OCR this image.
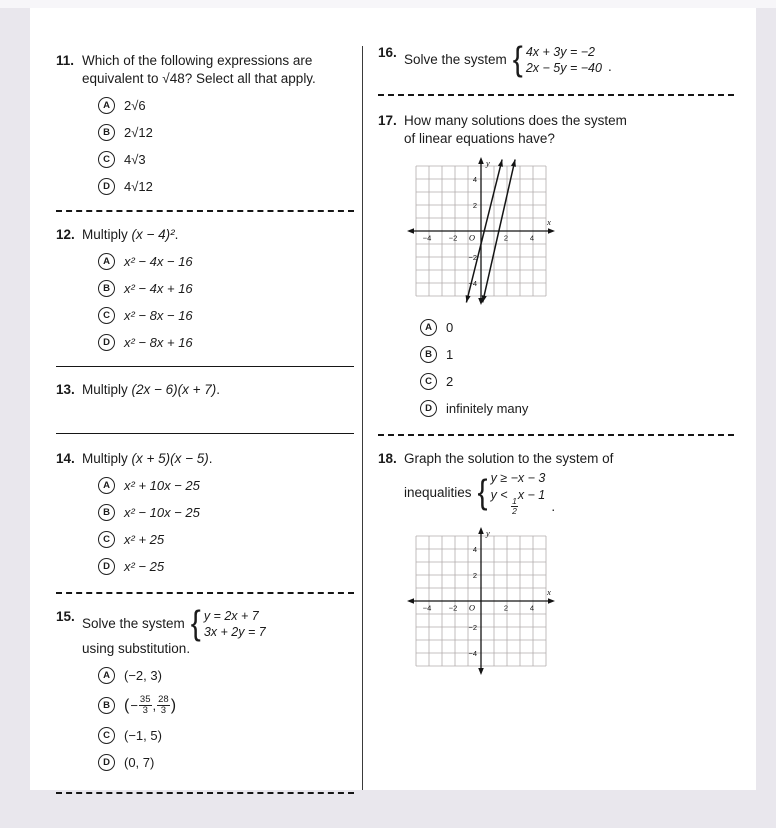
11. Which of the following expressions are equivalent to √48? Select all that apply.
A	2√6
B	2√12
C	4√3
D	4√12
12. Multiply (x − 4)².
A	x² − 4x − 16
B	x² − 4x + 16
C	x² − 8x − 16
D	x² − 8x + 16
13. Multiply (2x − 6)(x + 7).
14. Multiply (x + 5)(x − 5).
A	x² + 10x − 25
B	x² − 10x − 25
C	x² + 25
D	x² − 25
15. Solve the system { y = 2x + 7
3x + 2y = 7
using substitution.
A	(−2, 3)
B ( − $\frac{35}{3}$ , 28
3 )
C	(−1, 5)
D	(0, 7)
16. Solve the system { 4x + 3y = −2
2x − 5y = −40 .
17. How many solutions does the system of linear equations have?
−4 −2	2	4
4
2
−2
−4
O
x
y
A	0
B	1
C	2
D	infinitely many
18. Graph the solution to the system of
inequalities { y ≥ −x − 3
y <
$\frac{1}{2}$
x − 1
.
−4 −2	2	4
4
2
−2
−4
O
x
y
